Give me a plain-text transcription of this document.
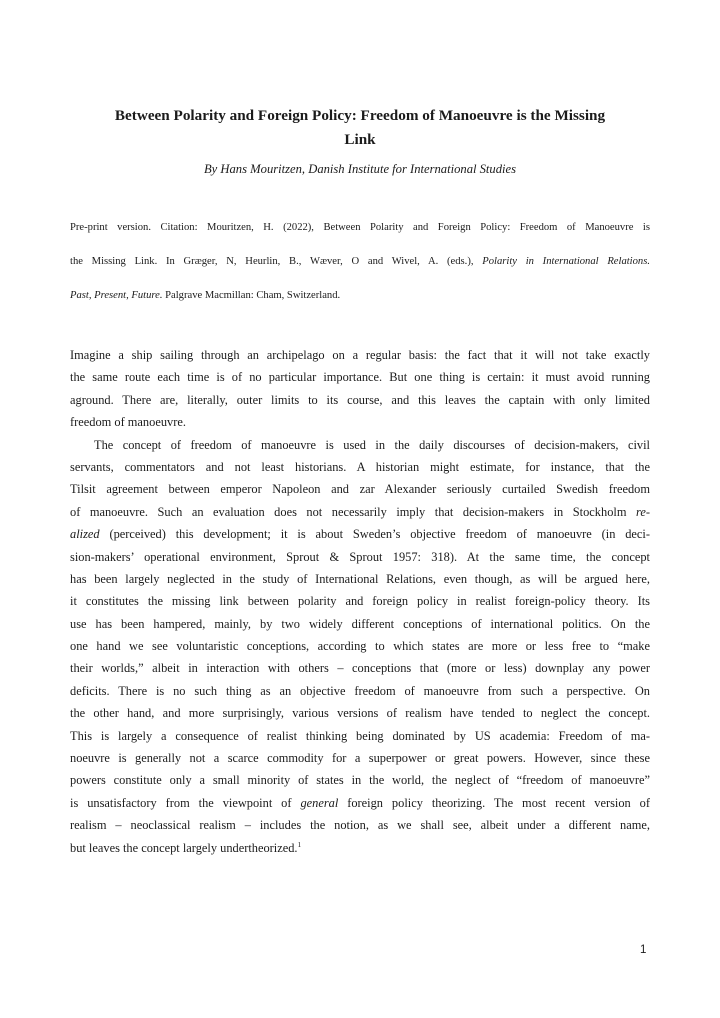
Between Polarity and Foreign Policy: Freedom of Manoeuvre is the Missing
Link
By Hans Mouritzen, Danish Institute for International Studies
Pre-print version. Citation: Mouritzen, H. (2022), Between Polarity and Foreign Policy: Freedom of Manoeuvre is
the Missing Link. In Græger, N, Heurlin, B., Wæver, O and Wivel, A. (eds.), Polarity in International Relations.
Past, Present, Future. Palgrave Macmillan: Cham, Switzerland.
Imagine a ship sailing through an archipelago on a regular basis: the fact that it will not take exactly
the same route each time is of no particular importance. But one thing is certain: it must avoid running
aground. There are, literally, outer limits to its course, and this leaves the captain with only limited
freedom of manoeuvre.
The concept of freedom of manoeuvre is used in the daily discourses of decision-makers, civil
servants, commentators and not least historians. A historian might estimate, for instance, that the
Tilsit agreement between emperor Napoleon and zar Alexander seriously curtailed Swedish freedom
of manoeuvre. Such an evaluation does not necessarily imply that decision-makers in Stockholm re-
alized (perceived) this development; it is about Sweden’s objective freedom of manoeuvre (in deci-
sion-makers’ operational environment, Sprout & Sprout 1957: 318). At the same time, the concept
has been largely neglected in the study of International Relations, even though, as will be argued here,
it constitutes the missing link between polarity and foreign policy in realist foreign-policy theory. Its
use has been hampered, mainly, by two widely different conceptions of international politics. On the
one hand we see voluntaristic conceptions, according to which states are more or less free to “make
their worlds,” albeit in interaction with others – conceptions that (more or less) downplay any power
deficits. There is no such thing as an objective freedom of manoeuvre from such a perspective. On
the other hand, and more surprisingly, various versions of realism have tended to neglect the concept.
This is largely a consequence of realist thinking being dominated by US academia: Freedom of ma-
noeuvre is generally not a scarce commodity for a superpower or great powers. However, since these
powers constitute only a small minority of states in the world, the neglect of “freedom of manoeuvre”
is unsatisfactory from the viewpoint of general foreign policy theorizing. The most recent version of
realism – neoclassical realism – includes the notion, as we shall see, albeit under a different name,
but leaves the concept largely undertheorized.$^1$
1
